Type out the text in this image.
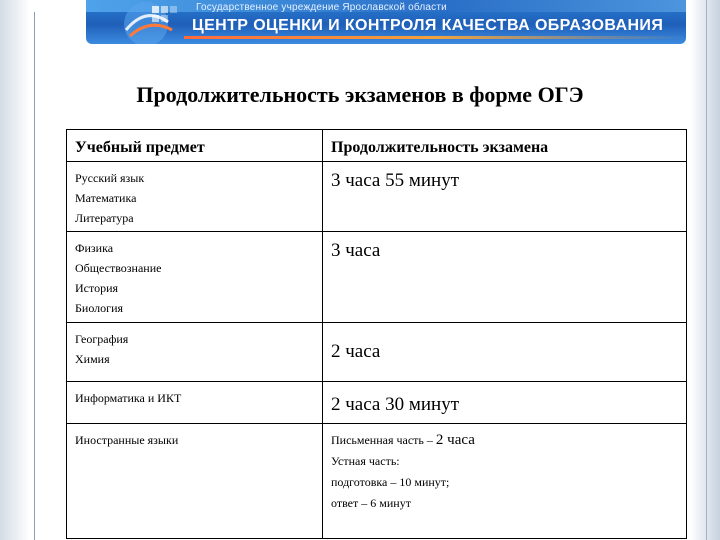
Государственное учреждение Ярославской области
ЦЕНТР ОЦЕНКИ И КОНТРОЛЯ КАЧЕСТВА ОБРАЗОВАНИЯ
Продолжительность экзаменов в форме ОГЭ
Учебный предмет	Продолжительность экзамена

Русский язык
Математика
Литература	3 часа 55 минут

Физика
Обществознание
История
Биология	3 часа

География
Химия	2 часа

Информатика и ИКТ	2 часа 30 минут

Иностранные языки	Письменная часть – 2 часа
Устная часть:
подготовка – 10 минут;
ответ – 6 минут
